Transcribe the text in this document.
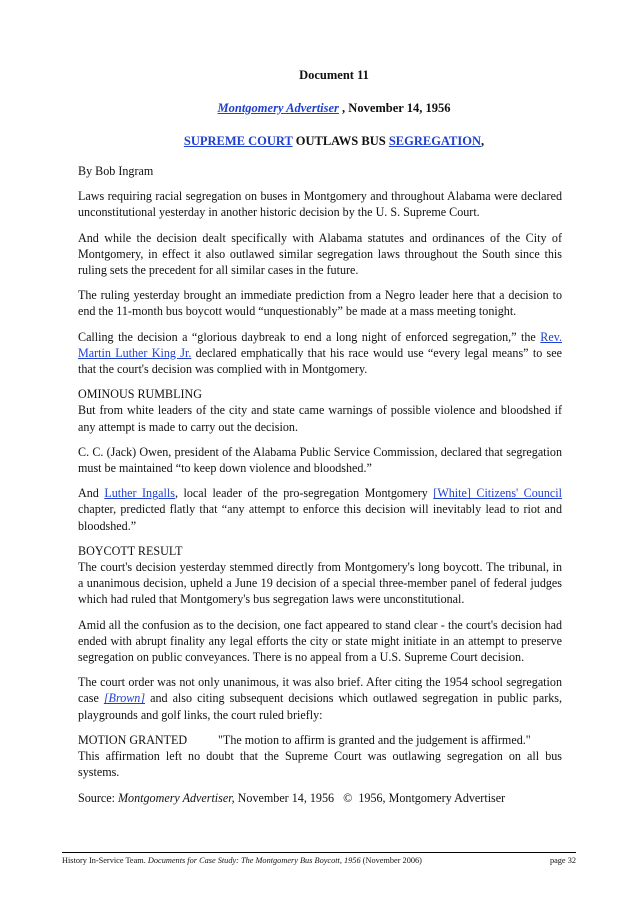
Document 11
Montgomery Advertiser , November 14, 1956
SUPREME COURT OUTLAWS BUS SEGREGATION,

By Bob Ingram

Laws requiring racial segregation on buses in Montgomery and throughout Alabama were declared unconstitutional yesterday in another historic decision by the U. S. Supreme Court.

And while the decision dealt specifically with Alabama statutes and ordinances of the City of Montgomery, in effect it also outlawed similar segregation laws throughout the South since this ruling sets the precedent for all similar cases in the future.

The ruling yesterday brought an immediate prediction from a Negro leader here that a decision to end the 11-month bus boycott would “unquestionably” be made at a mass meeting tonight.

Calling the decision a “glorious daybreak to end a long night of enforced segregation,” the Rev. Martin Luther King Jr. declared emphatically that his race would use “every legal means” to see that the court's decision was complied with in Montgomery.

OMINOUS RUMBLING

But from white leaders of the city and state came warnings of possible violence and bloodshed if any attempt is made to carry out the decision.

C. C. (Jack) Owen, president of the Alabama Public Service Commission, declared that segregation must be maintained “to keep down violence and bloodshed.”

And Luther Ingalls, local leader of the pro-segregation Montgomery [White] Citizens' Council chapter, predicted flatly that “any attempt to enforce this decision will inevitably lead to riot and bloodshed.”

BOYCOTT RESULT

The court's decision yesterday stemmed directly from Montgomery's long boycott. The tribunal, in a unanimous decision, upheld a June 19 decision of a special three-member panel of federal judges which had ruled that Montgomery's bus segregation laws were unconstitutional.

Amid all the confusion as to the decision, one fact appeared to stand clear - the court's decision had ended with abrupt finality any legal efforts the city or state might initiate in an attempt to preserve segregation on public conveyances. There is no appeal from a U.S. Supreme Court decision.

The court order was not only unanimous, it was also brief. After citing the 1954 school segregation case [Brown] and also citing subsequent decisions which outlawed segregation in public parks, playgrounds and golf links, the court ruled briefly:

MOTION GRANTED	"The motion to affirm is granted and the judgement is affirmed."

This affirmation left no doubt that the Supreme Court was outlawing segregation on all bus systems.

Source: Montgomery Advertiser, November 14, 1956   ©  1956, Montgomery Advertiser

History In-Service Team. Documents for Case Study: The Montgomery Bus Boycott, 1956 (November 2006)	page 32
